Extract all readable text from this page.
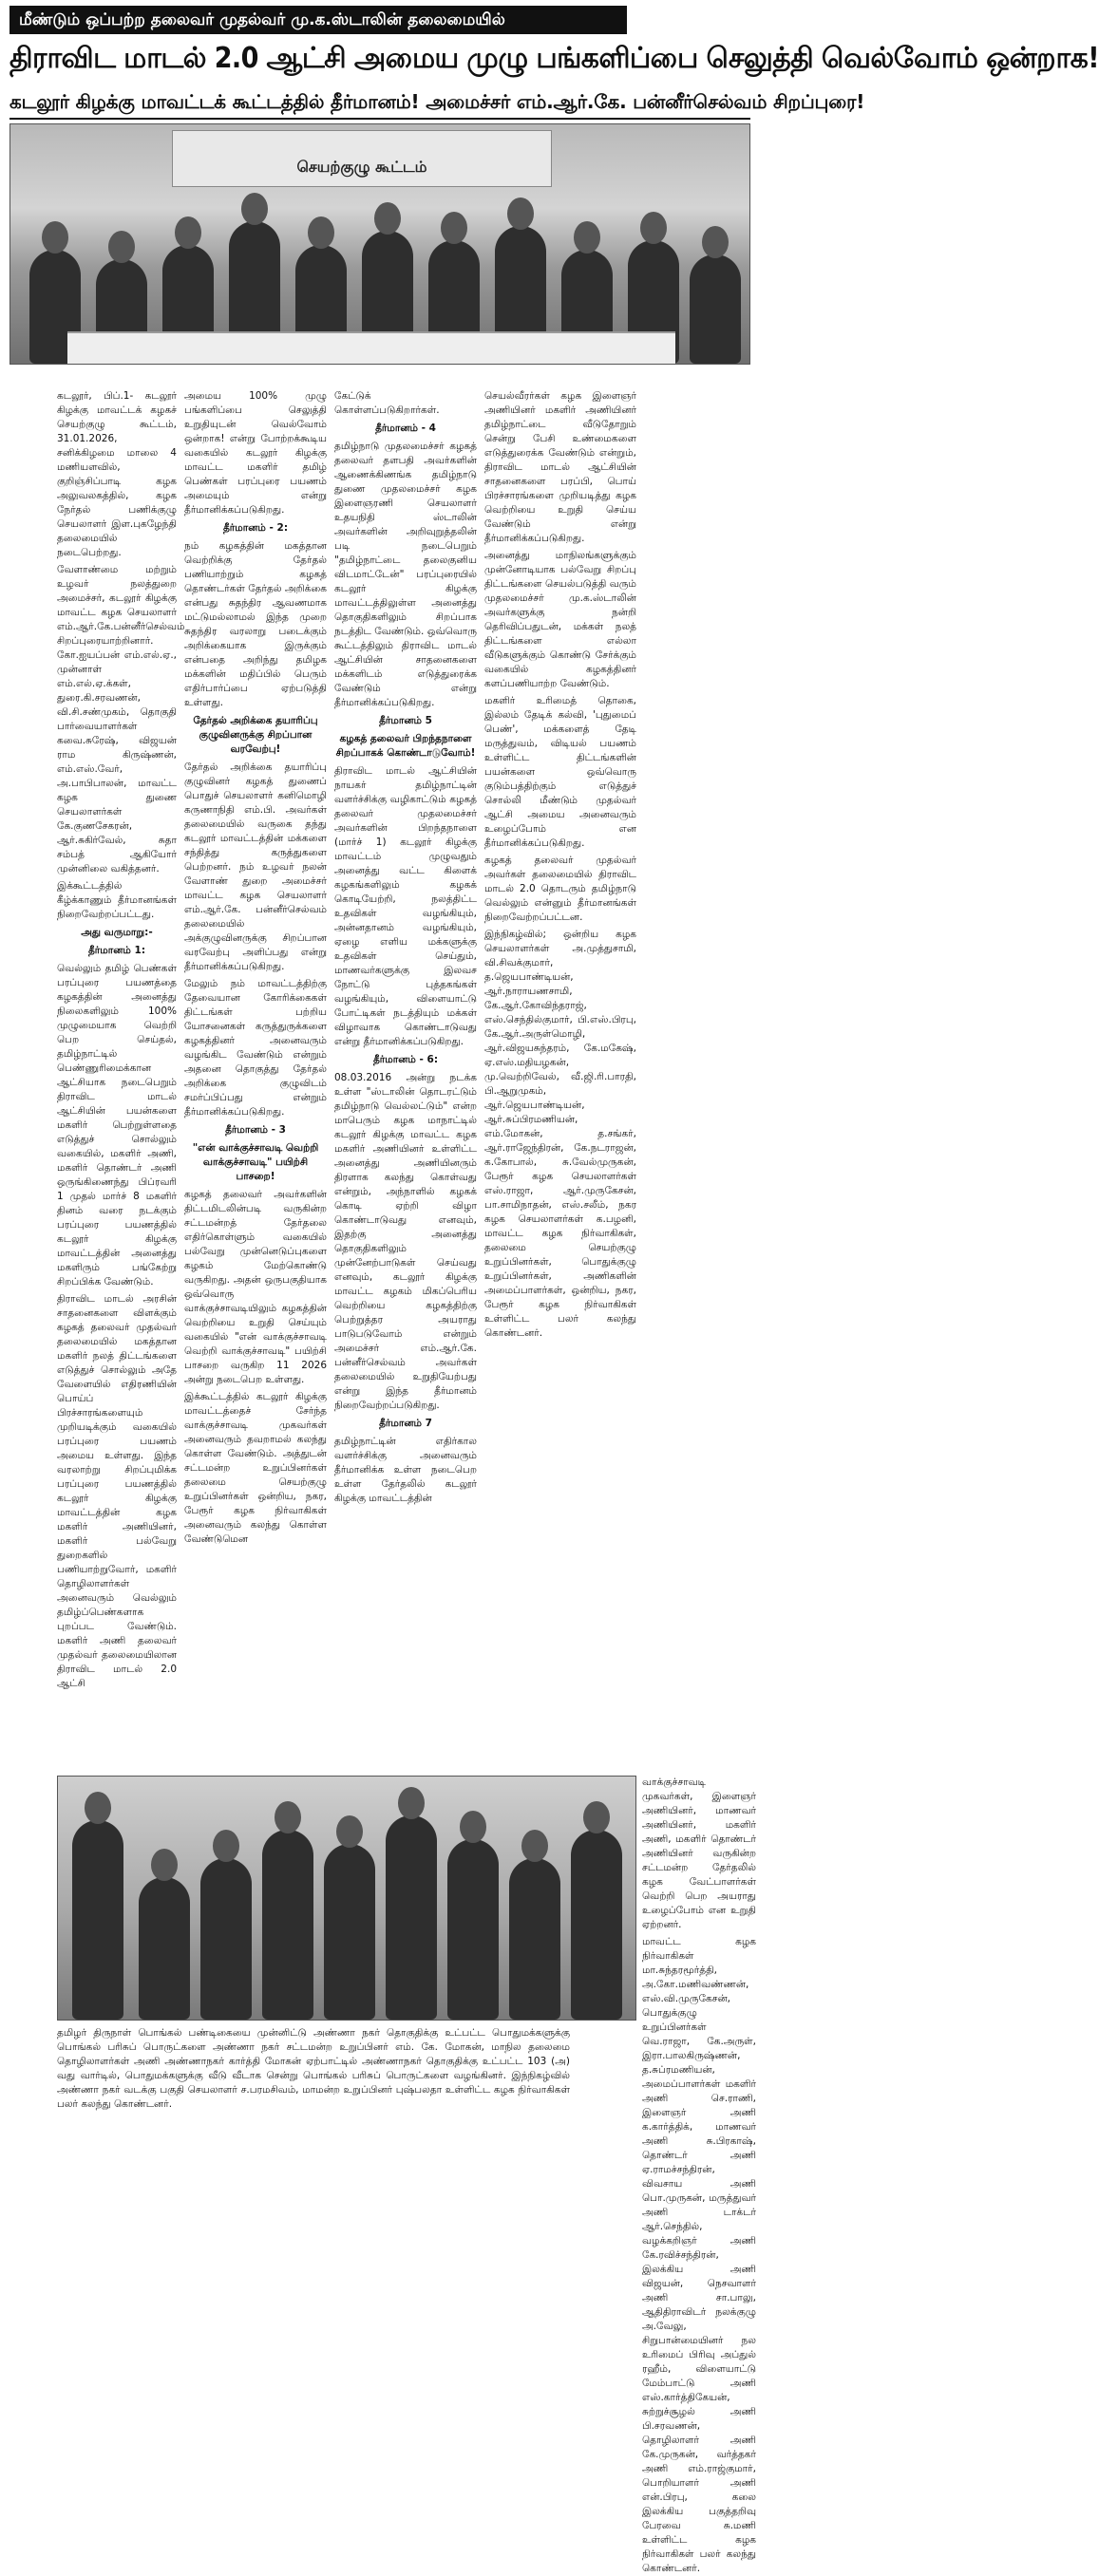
மீண்டும் ஒப்பற்ற தலைவர் முதல்வர் மு.க.ஸ்டாலின் தலைமையில்
திராவிட மாடல் 2.0 ஆட்சி அமைய முழு பங்களிப்பை செலுத்தி வெல்வோம் ஒன்றாக!
கடலூர் கிழக்கு மாவட்டக் கூட்டத்தில் தீர்மானம்! அமைச்சர் எம்.ஆர்.கே. பன்னீர்செல்வம் சிறப்புரை!
செயற்குழு கூட்டம்

கடலூர், பிப்.1- கடலூர் கிழக்கு மாவட்டக் கழகச் செயற்குழு கூட்டம், 31.01.2026, சனிக்கிழமை மாலை 4 மணியளவில், குறிஞ்சிப்பாடி கழக அலுவலகத்தில், கழக நேர்தல் பணிக்குழு செயலாளர் இள.புகழேந்தி தலைமையில் நடைபெற்றது.

வேளாண்மை மற்றும் உழவர் நலத்துறை அமைச்சர், கடலூர் கிழக்கு மாவட்ட கழக செயலாளர் எம்.ஆர்.கே.பன்னீர்செல்வம் சிறப்புரையாற்றினார். கோ.ஐயப்பன் எம்.எல்.ஏ., முன்னாள் எம்.எல்.ஏ.க்கள், துரை.கி.சரவணன், வி.சி.சண்முகம், தொகுதி பார்வையாளர்கள் கவை.சுரேஷ், விஜயன் ராம கிருஷ்ணன், எம்.எஸ்.வேர், அ.பாபிபாலன், மாவட்ட கழக துணை செயலாளர்கள் கே.குணசேகரன், ஆர்.சுகிர்வேல், சுதா சம்பத் ஆகியோர் முன்னிலை வகித்தனர்.

இக்கூட்டத்தில் கீழ்க்காணும் தீர்மானங்கள் நிறைவேற்றப்பட்டது.

அது வருமாறு:-

தீர்மானம் 1:

வெல்லும் தமிழ் பெண்கள் பரப்புரை பயணத்தை கழகத்தின் அனைத்து நிலைகளிலும் 100% முழுமையாக வெற்றி பெற செய்தல், தமிழ்நாட்டில் பெண்ணுரிமைக்கான ஆட்சியாக நடைபெறும் திராவிட மாடல் ஆட்சியின் பயன்களை மகளிர் பெற்றுள்ளதை எடுத்துச் சொல்லும் வகையில், மகளிர் அணி, மகளிர் தொண்டர் அணி ஒருங்கிணைந்து பிப்ரவரி 1 முதல் மார்ச் 8 மகளிர் தினம் வரை நடக்கும் பரப்புரை பயணத்தில் கடலூர் கிழக்கு மாவட்டத்தின் அனைத்து மகளிரும் பங்கேற்று சிறப்பிக்க வேண்டும்.

திராவிட மாடல் அரசின் சாதனைகளை விளக்கும் கழகத் தலைவர் முதல்வர் தலைமையில் மகத்தான மகளிர் நலத் திட்டங்களை எடுத்துச் சொல்லும் அதே வேளையில் எதிரணியின் பொய்ப் பிரச்சாரங்களையும் முறியடிக்கும் வகையில் பரப்புரை பயணம் அமைய உள்ளது. இந்த வரலாற்று சிறப்புமிக்க பரப்புரை பயணத்தில் கடலூர் கிழக்கு மாவட்டத்தின் கழக மகளிர் அணியினர், மகளிர் பல்வேறு துறைகளில் பணியாற்றுவோர், மகளிர் தொழிலாளர்கள் அனைவரும் வெல்லும் தமிழ்ப்பெண்களாக புறப்பட வேண்டும். மகளிர் அணி தலைவர் முதல்வர் தலைமையிலான திராவிட மாடல் 2.0 ஆட்சி

அமைய 100% முழு பங்களிப்பை செலுத்தி உறுதியுடன் வெல்வோம் ஒன்றாக! என்று போற்றக்கூடிய வகையில் கடலூர் கிழக்கு மாவட்ட மகளிர் தமிழ் பெண்கள் பரப்புரை பயணம் அமையும் என்று தீர்மானிக்கப்படுகிறது.

தீர்மானம் - 2:

நம் கழகத்தின் மகத்தான வெற்றிக்கு தேர்தல் பணியாற்றும் கழகத் தொண்டர்கள் தேர்தல் அறிக்கை என்பது சுதந்திர ஆவணமாக மட்டுமல்லாமல் இந்த முறை சுதந்திர வரலாறு படைக்கும் அறிக்கையாக இருக்கும் என்பதை அறிந்து தமிழக மக்களின் மதிப்பில் பெரும் எதிர்பார்ப்பை ஏற்படுத்தி உள்ளது.

தேர்தல் அறிக்கை தயாரிப்பு குழுவினருக்கு சிறப்பான வரவேற்பு!

தேர்தல் அறிக்கை தயாரிப்பு குழுவினர் கழகத் துணைப் பொதுச் செயலாளர் கனிமொழி கருணாநிதி எம்.பி. அவர்கள் தலைமையில் வருகை தந்து கடலூர் மாவட்டத்தின் மக்களை சந்தித்து கருத்துகளை பெற்றனர். நம் உழவர் நலன் வேளாண் துறை அமைச்சர் மாவட்ட கழக செயலாளர் எம்.ஆர்.கே. பன்னீர்செல்வம் தலைமையில் அக்குழுவினருக்கு சிறப்பான வரவேற்பு அளிப்பது என்று தீர்மானிக்கப்படுகிறது.

மேலும் நம் மாவட்டத்திற்கு தேவையான கோரிக்கைகள் திட்டங்கள் பற்றிய யோசனைகள் கருத்துருக்களை கழகத்தினர் அனைவரும் வழங்கிட வேண்டும் என்றும் அதனை தொகுத்து தேர்தல் அறிக்கை குழுவிடம் சமர்ப்பிப்பது என்றும் தீர்மானிக்கப்படுகிறது.

தீர்மானம் - 3

"என் வாக்குச்சாவடி வெற்றி வாக்குச்சாவடி" பயிற்சி பாசறை!

கழகத் தலைவர் அவர்களின் திட்டமிடலின்படி வருகின்ற சட்டமன்றத் தேர்தலை எதிர்கொள்ளும் வகையில் பல்வேறு முன்னெடுப்புகளை கழகம் மேற்கொண்டு வருகிறது. அதன் ஒருபகுதியாக ஒவ்வொரு வாக்குச்சாவடியிலும் கழகத்தின் வெற்றியை உறுதி செய்யும் வகையில் "என் வாக்குச்சாவடி வெற்றி வாக்குச்சாவடி" பயிற்சி பாசறை வருகிற 11 2026 அன்று நடைபெற உள்ளது.

இக்கூட்டத்தில் கடலூர் கிழக்கு மாவட்டத்தைச் சேர்ந்த வாக்குச்சாவடி முகவர்கள் அனைவரும் தவறாமல் கலந்து கொள்ள வேண்டும். அத்துடன் சட்டமன்ற உறுப்பினர்கள் தலைமை செயற்குழு உறுப்பினர்கள் ஒன்றிய, நகர, பேரூர் கழக நிர்வாகிகள் அனைவரும் கலந்து கொள்ள வேண்டுமென

கேட்டுக் கொள்ளப்படுகிறார்கள்.

தீர்மானம் - 4

தமிழ்நாடு முதலமைச்சர் கழகத் தலைவர் தளபதி அவர்களின் ஆணைக்கிணங்க தமிழ்நாடு துணை முதலமைச்சர் கழக இளைஞரணி செயலாளர் உதயநிதி ஸ்டாலின் அவர்களின் அறிவுறுத்தலின் படி நடைபெறும் "தமிழ்நாட்டை தலைகுனிய விடமாட்டேன்" பரப்புரையில் கடலூர் கிழக்கு மாவட்டத்திலுள்ள அனைத்து தொகுதிகளிலும் சிறப்பாக நடத்திட வேண்டும். ஒவ்வொரு கூட்டத்திலும் திராவிட மாடல் ஆட்சியின் சாதனைகளை மக்களிடம் எடுத்துரைக்க வேண்டும் என்று தீர்மானிக்கப்படுகிறது.

தீர்மானம் 5

கழகத் தலைவர் பிறந்தநாளை சிறப்பாகக் கொண்டாடுவோம்!

திராவிட மாடல் ஆட்சியின் நாயகர் தமிழ்நாட்டின் வளர்ச்சிக்கு வழிகாட்டும் கழகத் தலைவர் முதலமைச்சர் அவர்களின் பிறந்தநாளை (மார்ச் 1) கடலூர் கிழக்கு மாவட்டம் முழுவதும் அனைத்து வட்ட கிளைக் கழகங்களிலும் கழகக் கொடியேற்றி, நலத்திட்ட உதவிகள் வழங்கியும், அன்னதானம் வழங்கியும், ஏழை எளிய மக்களுக்கு உதவிகள் செய்தும், மாணவர்களுக்கு இலவச நோட்டு புத்தகங்கள் வழங்கியும், விளையாட்டு போட்டிகள் நடத்தியும் மக்கள் விழாவாக கொண்டாடுவது என்று தீர்மானிக்கப்படுகிறது.

தீர்மானம் - 6:

08.03.2016 அன்று நடக்க உள்ள "ஸ்டாலின் தொடரட்டும் தமிழ்நாடு வெல்லட்டும்" என்ற மாபெரும் கழக மாநாட்டில் கடலூர் கிழக்கு மாவட்ட கழக மகளிர் அணியினர் உள்ளிட்ட அனைத்து அணியினரும் திரளாக கலந்து கொள்வது என்றும், அந்நாளில் கழகக் கொடி ஏற்றி விழா கொண்டாடுவது எனவும், இதற்கு அனைத்து தொகுதிகளிலும் முன்னேற்பாடுகள் செய்வது எனவும், கடலூர் கிழக்கு மாவட்ட கழகம் மிகப்பெரிய வெற்றியை கழகத்திற்கு பெற்றுத்தர அயராது பாடுபடுவோம் என்றும் அமைச்சர் எம்.ஆர்.கே. பன்னீர்செல்வம் அவர்கள் தலைமையில் உறுதியேற்பது என்று இந்த தீர்மானம் நிறைவேற்றப்படுகிறது.

தீர்மானம் 7

தமிழ்நாட்டின் எதிர்கால வளர்ச்சிக்கு அனைவரும் தீர்மானிக்க உள்ள நடைபெற உள்ள தேர்தலில் கடலூர் கிழக்கு மாவட்டத்தின்

செயல்வீரர்கள் கழக இளைஞர் அணியினர் மகளிர் அணியினர் தமிழ்நாட்டை வீடுதோறும் சென்று பேசி உண்மைகளை எடுத்துரைக்க வேண்டும் என்றும், திராவிட மாடல் ஆட்சியின் சாதனைகளை பரப்பி, பொய் பிரச்சாரங்களை முறியடித்து கழக வெற்றியை உறுதி செய்ய வேண்டும் என்று தீர்மானிக்கப்படுகிறது.

அனைத்து மாநிலங்களுக்கும் முன்னோடியாக பல்வேறு சிறப்பு திட்டங்களை செயல்படுத்தி வரும் முதலமைச்சர் மு.க.ஸ்டாலின் அவர்களுக்கு நன்றி தெரிவிப்பதுடன், மக்கள் நலத் திட்டங்களை எல்லா வீடுகளுக்கும் கொண்டு சேர்க்கும் வகையில் கழகத்தினர் களப்பணியாற்ற வேண்டும்.

மகளிர் உரிமைத் தொகை, இல்லம் தேடிக் கல்வி, 'புதுமைப் பெண்', மக்களைத் தேடி மருத்துவம், விடியல் பயணம் உள்ளிட்ட திட்டங்களின் பயன்களை ஒவ்வொரு குடும்பத்திற்கும் எடுத்துச் சொல்லி மீண்டும் முதல்வர் ஆட்சி அமைய அனைவரும் உழைப்போம் என தீர்மானிக்கப்படுகிறது.

கழகத் தலைவர் முதல்வர் அவர்கள் தலைமையில் திராவிட மாடல் 2.0 தொடரும் தமிழ்நாடு வெல்லும் என்னும் தீர்மானங்கள் நிறைவேற்றப்பட்டன.

இந்நிகழ்வில்; ஒன்றிய கழக செயலாளர்கள் அ.முத்துசாமி, வி.சிவக்குமார், த.ஜெயபாண்டியன், ஆர்.நாராயணசாமி, கே.ஆர்.கோவிந்தராஜ், எஸ்.செந்தில்குமார், பி.எஸ்.பிரபு, கே.ஆர்.அருள்மொழி, ஆர்.விஜயசுந்தரம், கே.மகேஷ், ஏ.எஸ்.மதியழகன், மு.வெற்றிவேல், வீ.ஜி.ரி.பாரதி, பி.ஆறுமுகம், ஆர்.ஜெயபாண்டியன், ஆர்.சுப்பிரமணியன், எம்.மோகன், த.சங்கர், ஆர்.ராஜேந்திரன், கே.நடராஜன், க.கோபால், சு.வேல்முருகன், பேரூர் கழக செயலாளர்கள் எஸ்.ராஜா, ஆர்.முருகேசன், பா.சாமிநாதன், எஸ்.சலீம், நகர கழக செயலாளர்கள் க.பழனி, மாவட்ட கழக நிர்வாகிகள், தலைமை செயற்குழு உறுப்பினர்கள், பொதுக்குழு உறுப்பினர்கள், அணிகளின் அமைப்பாளர்கள், ஒன்றிய, நகர, பேரூர் கழக நிர்வாகிகள் உள்ளிட்ட பலர் கலந்து கொண்டனர்.

வாக்குச்சாவடி முகவர்கள், இளைஞர் அணியினர், மாணவர் அணியினர், மகளிர் அணி, மகளிர் தொண்டர் அணியினர் வருகின்ற சட்டமன்ற தேர்தலில் கழக வேட்பாளர்கள் வெற்றி பெற அயராது உழைப்போம் என உறுதி ஏற்றனர்.

மாவட்ட கழக நிர்வாகிகள் மா.சுந்தரமூர்த்தி, அ.கோ.மணிவண்ணன், எஸ்.வி.முருகேசன், பொதுக்குழு உறுப்பினர்கள் வெ.ராஜா, கே.அருள், இரா.பாலகிருஷ்ணன், த.சுப்ரமணியன், அமைப்பாளர்கள் மகளிர் அணி செ.ராணி, இளைஞர் அணி க.கார்த்திக், மாணவர் அணி சு.பிரகாஷ், தொண்டர் அணி ஏ.ராமச்சந்திரன், விவசாய அணி பொ.முருகன், மருத்துவர் அணி டாக்டர் ஆர்.செந்தில், வழக்கறிஞர் அணி கே.ரவிச்சந்திரன், இலக்கிய அணி விஜயன், நெசவாளர் அணி சா.பாலு, ஆதிதிராவிடர் நலக்குழு அ.வேலு, சிறுபான்மையினர் நல உரிமைப் பிரிவு அப்துல் ரஹீம், விளையாட்டு மேம்பாட்டு அணி எஸ்.கார்த்திகேயன், சுற்றுச்சூழல் அணி பி.சரவணன், தொழிலாளர் அணி கே.முருகன், வர்த்தகர் அணி எம்.ராஜ்குமார், பொறியாளர் அணி என்.பிரபு, கலை இலக்கிய பகுத்தறிவு பேரவை சு.மணி உள்ளிட்ட கழக நிர்வாகிகள் பலர் கலந்து கொண்டனர்.

தமிழர் திருநாள் பொங்கல் பண்டிகையை முன்னிட்டு அண்ணா நகர் தொகுதிக்கு உட்பட்ட பொதுமக்களுக்கு பொங்கல் பரிசுப் பொருட்களை அண்ணா நகர் சட்டமன்ற உறுப்பினர் எம். கே. மோகன், மாநில தலைமை தொழிலாளர்கள் அணி அண்ணாநகர் கார்த்தி மோகன் ஏற்பாட்டில் அண்ணாநகர் தொகுதிக்கு உட்பட்ட 103 (அ) வது வார்டில், பொதுமக்களுக்கு வீடு வீடாக சென்று பொங்கல் பரிசுப் பொருட்களை வழங்கினர். இந்நிகழ்வில் அண்ணா நகர் வடக்கு பகுதி செயலாளர் ச.பரமசிவம், மாமன்ற உறுப்பினர் புஷ்பலதா உள்ளிட்ட கழக நிர்வாகிகள் பலர் கலந்து கொண்டனர்.
